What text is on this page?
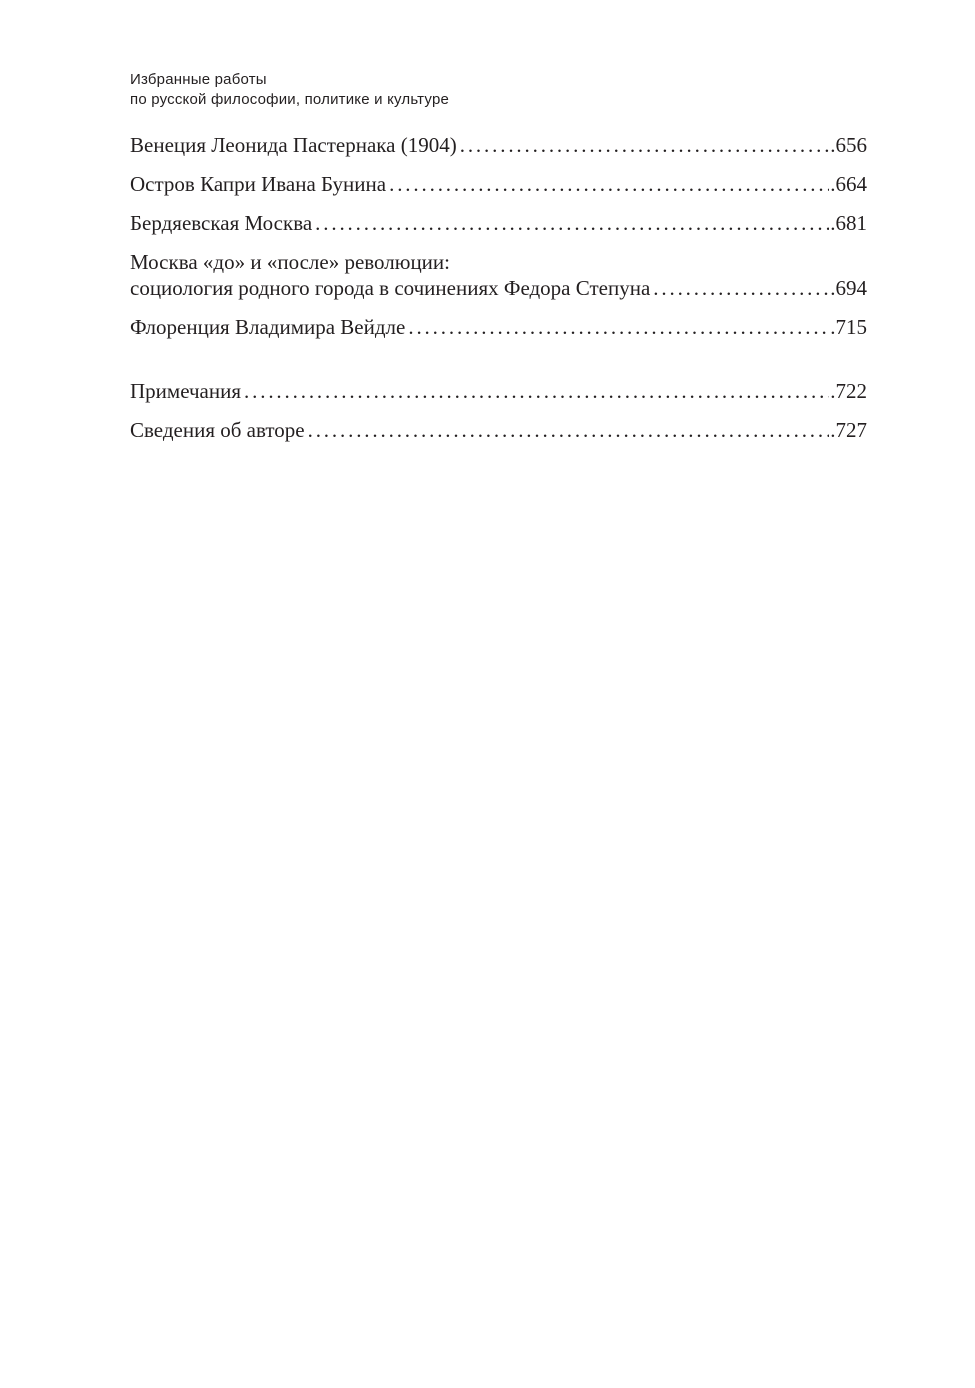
Избранные работы
по русской философии, политике и культуре
Венеция Леонида Пастернака (1904) . . .	. 656
Остров Капри Ивана Бунина . . .	. 664
Бердяевская Москва . . .	. 681
Москва «до» и «после» революции:
социология родного города в сочинениях Федора Степуна . . .	. 694
Флоренция Владимира Вейдле . . .	. 715
Примечания . . .	. 722
Сведения об авторе . . .	. 727
